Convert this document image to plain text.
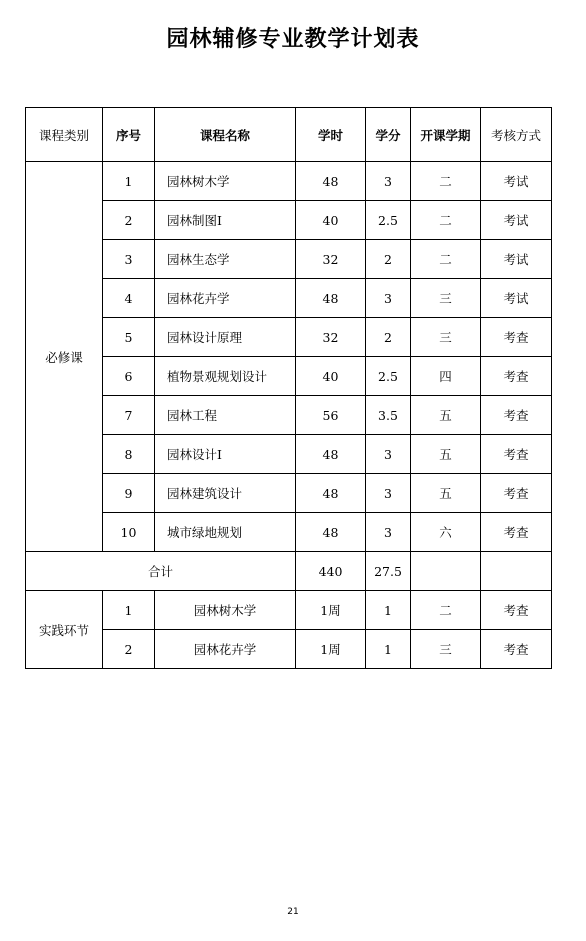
园林辅修专业教学计划表
课程类别	序号	课程名称	学时	学分	开课学期	考核方式
必修课	1	园林树木学	48	3	二	考试
	2	园林制图Ⅰ	40	2.5	二	考试
	3	园林生态学	32	2	二	考试
	4	园林花卉学	48	3	三	考试
	5	园林设计原理	32	2	三	考查
	6	植物景观规划设计	40	2.5	四	考查
	7	园林工程	56	3.5	五	考查
	8	园林设计Ⅰ	48	3	五	考查
	9	园林建筑设计	48	3	五	考查
	10	城市绿地规划	48	3	六	考查
合计			440	27.5		
实践环节	1	园林树木学	1周	1	二	考查
	2	园林花卉学	1周	1	三	考查
21
